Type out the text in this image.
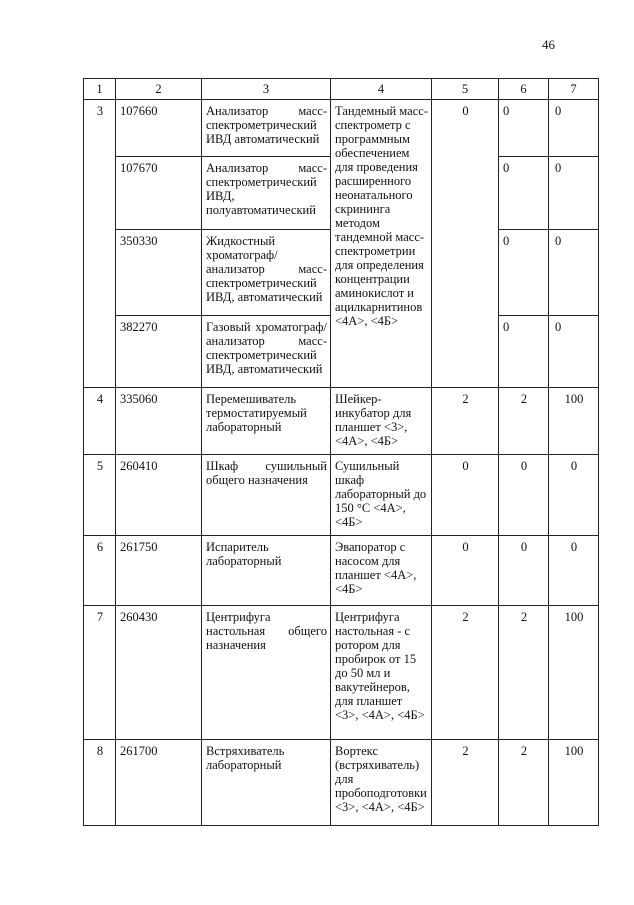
46
1	2	3	4	5	6	7
3	107660	Анализатор масс-спектрометрический ИВД автоматический	Тандемный масс-спектрометр с программным обеспечением для проведения расширенного неонатального скрининга методом тандемной масс-спектрометрии для определения концентрации аминокислот и ацилкарнитинов <4А>, <4Б>	0	0	0
	107670	Анализатор масс-спектрометрический ИВД, полуавтоматический			0	0
	350330	Жидкостный хроматограф/анализатор масс-спектрометрический ИВД, автоматический			0	0
	382270	Газовый хроматограф/анализатор масс-спектрометрический ИВД, автоматический			0	0
4	335060	Перемешиватель термостатируемый лабораторный	Шейкер-инкубатор для планшет <3>, <4А>, <4Б>	2	2	100
5	260410	Шкаф сушильный общего назначения	Сушильный шкаф лабораторный до 150 °С <4А>, <4Б>	0	0	0
6	261750	Испаритель лабораторный	Эвапоратор с насосом для планшет <4А>, <4Б>	0	0	0
7	260430	Центрифуга настольная общего назначения	Центрифуга настольная - с ротором для пробирок от 15 до 50 мл и вакутейнеров, для планшет <3>, <4А>, <4Б>	2	2	100
8	261700	Встряхиватель лабораторный	Вортекс (встряхиватель) для пробоподготовки <3>, <4А>, <4Б>	2	2	100
